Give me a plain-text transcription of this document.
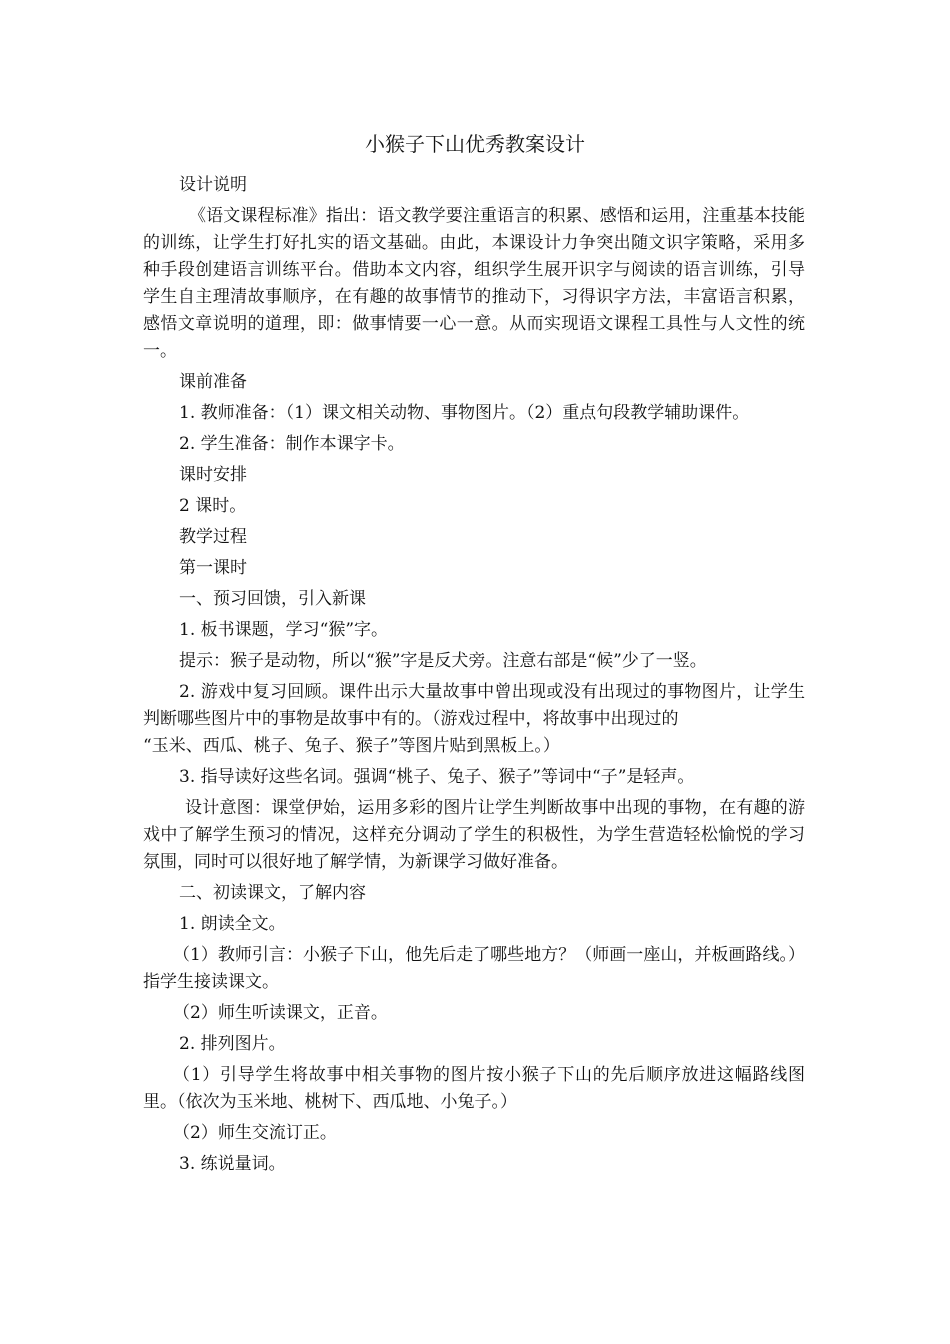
小猴子下山优秀教案设计

设计说明

《语文课程标准》指出：语文教学要注重语言的积累、感悟和运用，注重基本技能的训练，让学生打好扎实的语文基础。由此，本课设计力争突出随文识字策略，采用多种手段创建语言训练平台。借助本文内容，组织学生展开识字与阅读的语言训练，引导学生自主理清故事顺序，在有趣的故事情节的推动下，习得识字方法，丰富语言积累，感悟文章说明的道理，即：做事情要一心一意。从而实现语文课程工具性与人文性的统一。

课前准备

1. 教师准备：（1）课文相关动物、事物图片。（2）重点句段教学辅助课件。

2. 学生准备：制作本课字卡。

课时安排

2 课时。

教学过程

第一课时

一、预习回馈，引入新课

1. 板书课题，学习“猴”字。

提示：猴子是动物，所以“猴”字是反犬旁。注意右部是“候”少了一竖。

2. 游戏中复习回顾。课件出示大量故事中曾出现或没有出现过的事物图片，让学生判断哪些图片中的事物是故事中有的。（游戏过程中，将故事中出现过的

“玉米、西瓜、桃子、兔子、猴子”等图片贴到黑板上。）

3. 指导读好这些名词。强调“桃子、兔子、猴子”等词中“子”是轻声。

设计意图：课堂伊始，运用多彩的图片让学生判断故事中出现的事物，在有趣的游戏中了解学生预习的情况，这样充分调动了学生的积极性，为学生营造轻松愉悦的学习氛围，同时可以很好地了解学情，为新课学习做好准备。

二、初读课文，了解内容

1. 朗读全文。

（1）教师引言：小猴子下山，他先后走了哪些地方？（师画一座山，并板画路线。）指学生接读课文。

（2）师生听读课文，正音。

2. 排列图片。

（1）引导学生将故事中相关事物的图片按小猴子下山的先后顺序放进这幅路线图里。（依次为玉米地、桃树下、西瓜地、小兔子。）

（2）师生交流订正。

3. 练说量词。
